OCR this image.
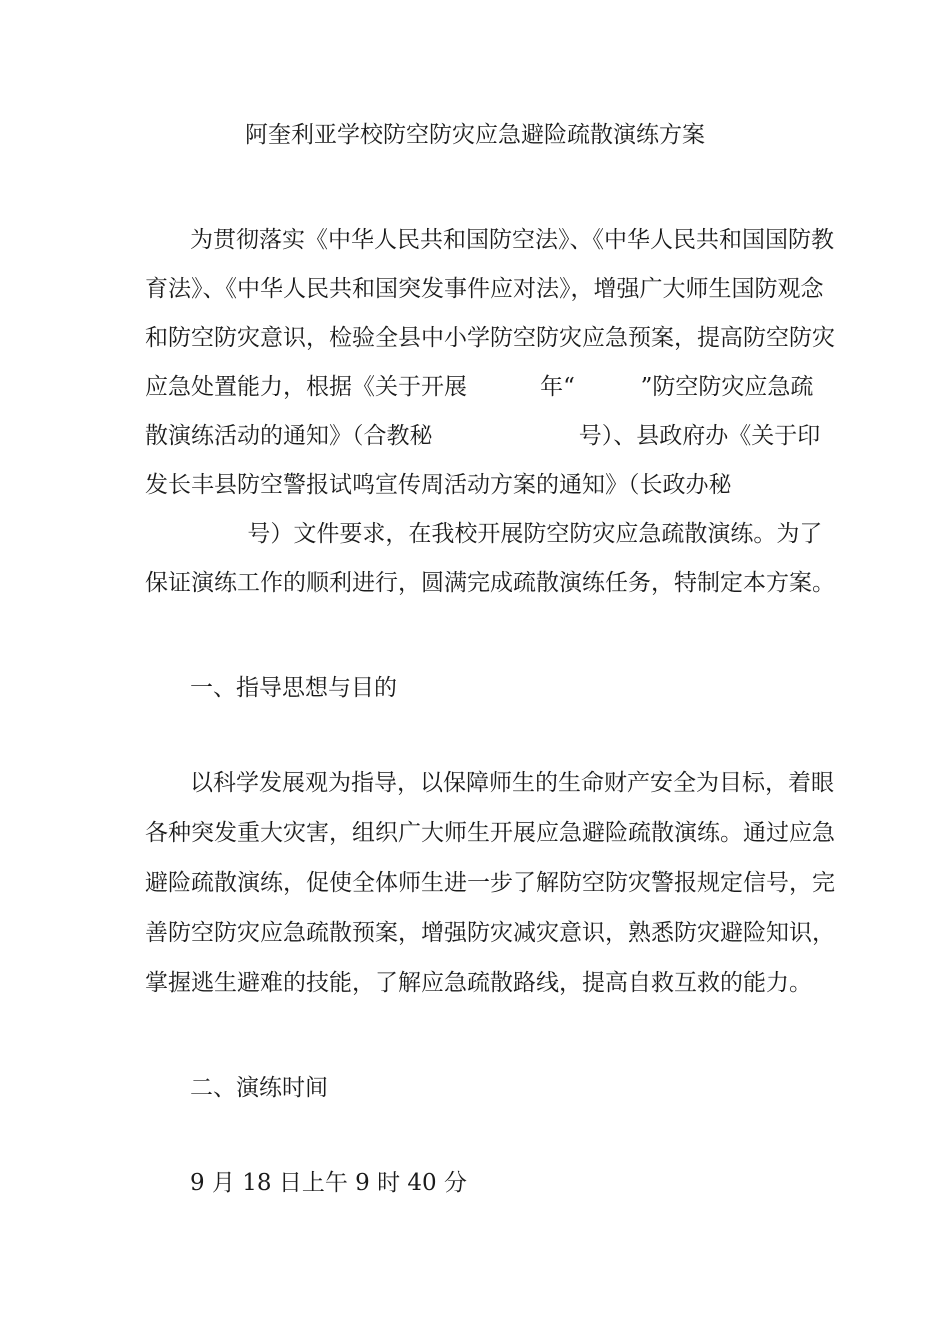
阿奎利亚学校防空防灾应急避险疏散演练方案
为贯彻落实《中华人民共和国防空法》、《中华人民共和国国防教
育法》、《中华人民共和国突发事件应对法》，增强广大师生国防观念
和防空防灾意识，检验全县中小学防空防灾应急预案，提高防空防灾
应急处置能力，根据《关于开展          年“         ”防空防灾应急疏
散演练活动的通知》（合教秘                    号）、县政府办《关于印
发长丰县防空警报试鸣宣传周活动方案的通知》（长政办秘
号）文件要求，在我校开展防空防灾应急疏散演练。为了
保证演练工作的顺利进行，圆满完成疏散演练任务，特制定本方案。
一、指导思想与目的
以科学发展观为指导，以保障师生的生命财产安全为目标，着眼
各种突发重大灾害，组织广大师生开展应急避险疏散演练。通过应急
避险疏散演练，促使全体师生进一步了解防空防灾警报规定信号，完
善防空防灾应急疏散预案，增强防灾减灾意识，熟悉防灾避险知识，
掌握逃生避难的技能，了解应急疏散路线，提高自救互救的能力。
二、演练时间
9 月 18 日上午 9 时 40 分
